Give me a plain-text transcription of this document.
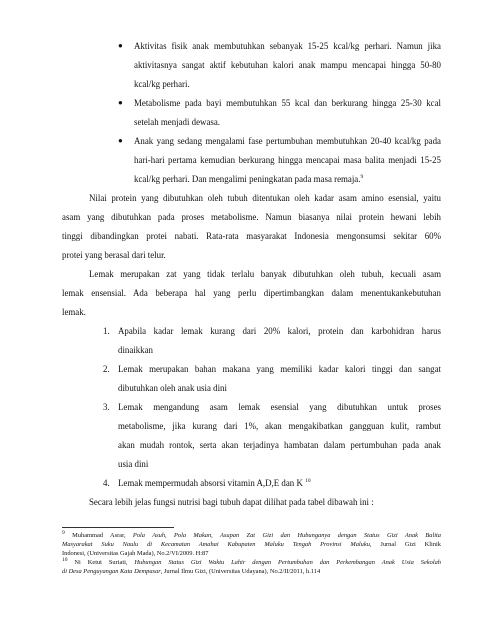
● Aktivitas fisik anak membutuhkan sebanyak 15-25 kcal/kg perhari. Namun jika
aktivitasnya sangat aktif kebutuhan kalori anak mampu mencapai hingga 50-80
kcal/kg perhari.
● Metabolisme pada bayi membutuhkan 55 kcal dan berkurang hingga 25-30 kcal
setelah menjadi dewasa.
● Anak yang sedang mengalami fase pertumbuhan membutuhkan 20-40 kcal/kg pada
hari-hari pertama kemudian berkurang hingga mencapai masa balita menjadi 15-25
kcal/kg perhari. Dan mengalimi peningkatan pada masa remaja.$^9$
Nilai protein yang dibutuhkan oleh tubuh ditentukan oleh kadar asam amino esensial, yaitu
asam yang dibutuhkan pada proses metabolisme. Namun biasanya nilai protein hewani lebih
tinggi dibandingkan protei nabati. Rata-rata masyarakat Indonesia mengonsumsi sekitar 60%
protei yang berasal dari telur.
Lemak merupakan zat yang tidak terlalu banyak dibutuhkan oleh tubuh, kecuali asam
lemak ensensial. Ada beberapa hal yang perlu dipertimbangkan dalam menentukankebutuhan
lemak.
1. Apabila kadar lemak kurang dari 20% kalori, protein dan karbohidran harus
dinaikkan
2. Lemak merupakan bahan makana yang memiliki kadar kalori tinggi dan sangat
dibutuhkan oleh anak usia dini
3. Lemak mengandung asam lemak esensial yang dibutuhkan untuk proses
metabolisme, jika kurang dari 1%, akan mengakibatkan gangguan kulit, rambut
akan mudah rontok, serta akan terjadinya hambatan dalam pertumbuhan pada anak
usia dini
4. Lemak mempermudah absorsi vitamin A,D,E dan K $^{10}$
Secara lebih jelas fungsi nutrisi bagi tubuh dapat dilihat pada tabel dibawah ini :
$^9$ Muhammad Asrar, Pola Asuh, Pola Makan, Asupan Zat Gizi dan Hubunganya dengan Status Gizi Anak Balita
Masyarakat Suku Naulu di Kecamatan Amahai Kabupaten Maluku Tengah Provinsi Maluku, Jurnal Gizi Klinik
Indonesi, (Universitas Gajah Mada), No.2/VI/2009. H:87
$^{10}$ Ni Ketut Suriati, Hubungan Status Gizi Waktu Lahir dengan Pertumbuhan dan Perkembangan Anak Usia Sekolah
di Desa Penguyangan Kata Dempasar, Jurnal Ilmu Gizi, (Universitas Udayana), No.2/II/2011, h.114
